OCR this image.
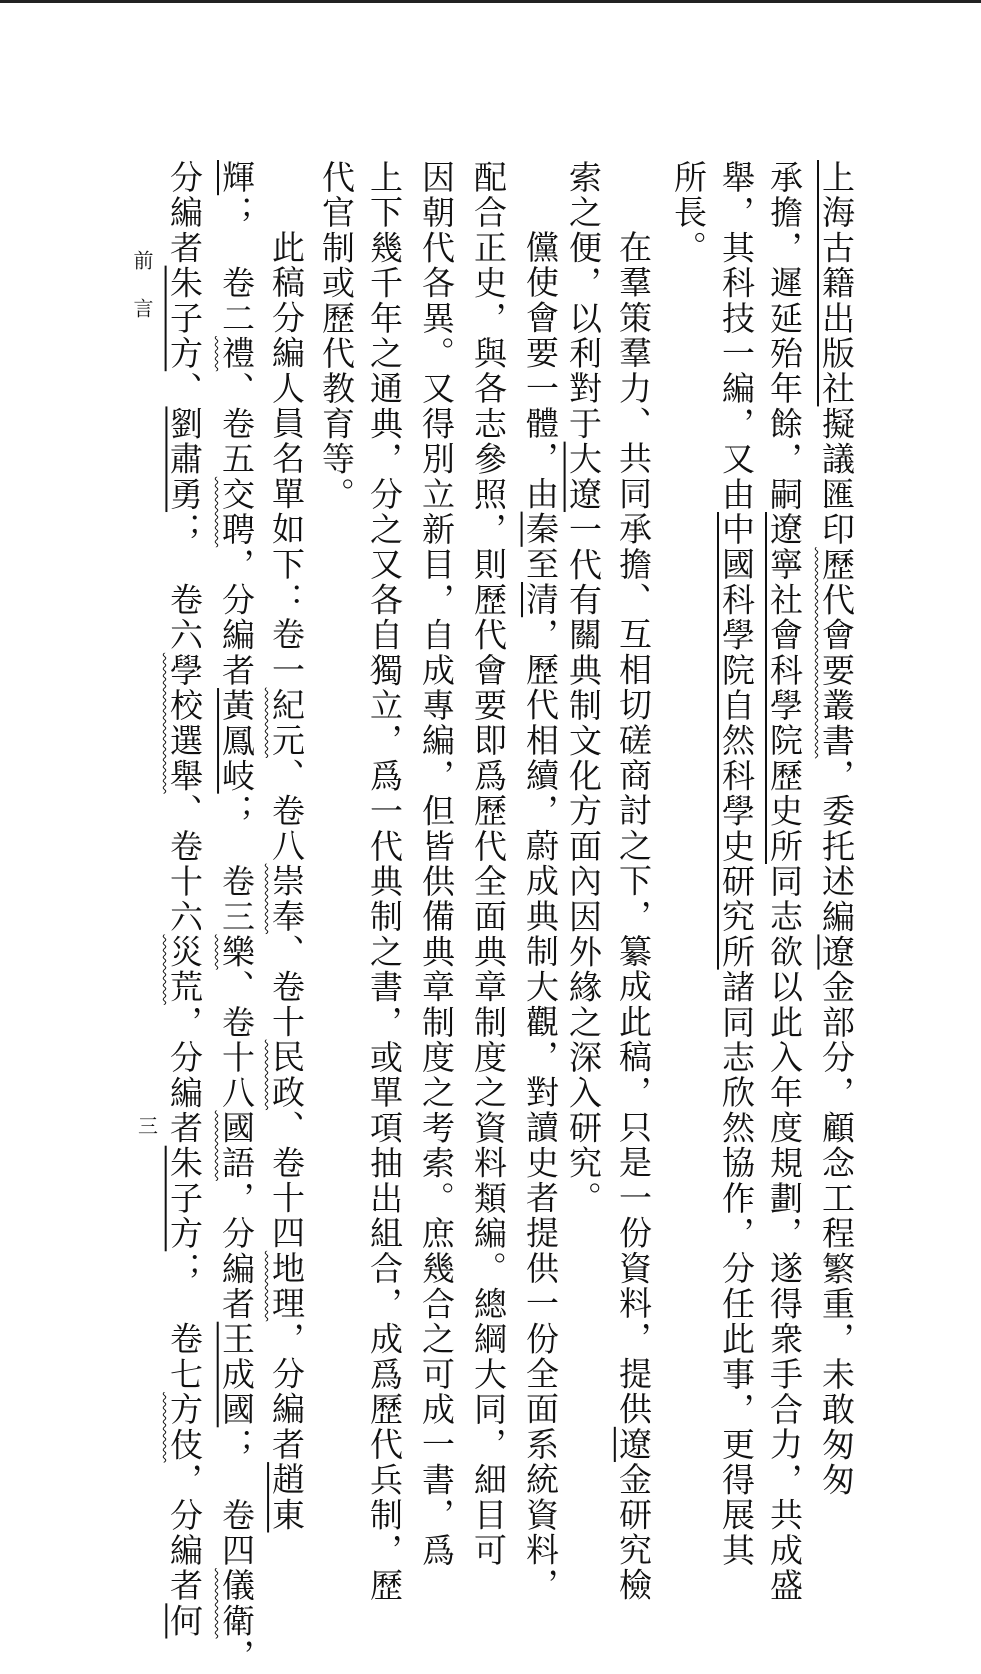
上海古籍出版社擬議匯印歷代會要叢書，委托述編遼金部分，顧念工程繁重，未敢匆匆
承擔，遲延殆年餘，嗣遼寧社會科學院歷史所同志欲以此入年度規劃，遂得衆手合力，共成盛
舉，其科技一編，又由中國科學院自然科學史研究所諸同志欣然協作，分任此事，更得展其
所長。
在羣策羣力、共同承擔、互相切磋商討之下，纂成此稿，只是一份資料，提供遼金研究檢
索之便，以利對于大遼一代有關典制文化方面內因外緣之深入研究。
儻使會要一體，由秦至清，歷代相續，蔚成典制大觀，對讀史者提供一份全面系統資料，
配合正史，與各志參照，則歷代會要即爲歷代全面典章制度之資料類編。總綱大同，細目可
因朝代各異。又得別立新目，自成專編，但皆供備典章制度之考索。庶幾合之可成一書，爲
上下幾千年之通典，分之又各自獨立，爲一代典制之書，或單項抽出組合，成爲歷代兵制，歷
代官制或歷代教育等。
此稿分編人員名單如下：卷一紀元、卷八崇奉、卷十民政、卷十四地理，分編者趙東
輝；　卷二禮、卷五交聘，分編者黃鳳岐；　卷三樂、卷十八國語，分編者王成國；　卷四儀衛，
分編者朱子方、劉肅勇；　卷六學校選舉、卷十六災荒，分編者朱子方；　卷七方伎，分編者何
前言
三
